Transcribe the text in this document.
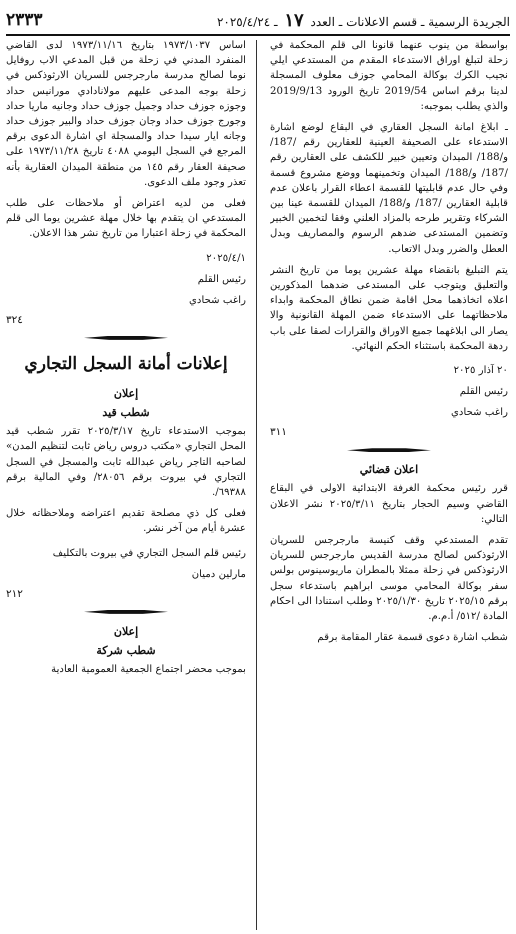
الجريدة الرسمية ـ قسم الاعلانات ـ العدد ١٧ ـ ٢٠٢٥/٤/٢٤
٢٣٣٣

بواسطة من ينوب عنهما قانونا الى قلم المحكمة في زحلة لتبلغ اوراق الاستدعاء المقدم من المستدعي ايلي نجيب الكرك بوكالة المحامي جوزف معلوف المسجلة لدينا برقم اساس 2019/54 تاريخ الورود 2019/9/13 والذي يطلب بموجبه:

ـ ابلاغ امانة السجل العقاري في البقاع لوضع اشارة الاستدعاء على الصحيفة العينية للعقارين رقم /187/ و/188/ الميدان وتعيين خبير للكشف على العقارين رقم /187/ و/188/ الميدان وتخمينهما ووضع مشروع قسمة وفي حال عدم قابليتها للقسمة اعطاء القرار باعلان عدم قابلية العقارين /187/ و/188/ الميدان للقسمة عينا بين الشركاء وتقرير طرحه بالمزاد العلني وفقا لتخمين الخبير وتضمين المستدعى ضدهم الرسوم والمصاريف وبدل العطل والضرر وبدل الاتعاب.

يتم التبليغ بانقضاء مهلة عشرين يوما من تاريخ النشر والتعليق ويتوجب على المستدعى ضدهما المذكورين اعلاه اتخاذهما محل اقامة ضمن نطاق المحكمة وابداء ملاحظاتهما على الاستدعاء ضمن المهلة القانونية والا يصار الى ابلاغهما جميع الاوراق والقرارات لصقا على باب ردهة المحكمة باستثناء الحكم النهائي.

٢٠ آذار ٢٠٢٥
رئيس القلم
راغب شحادي
٣١١
اعلان قضائي

قرر رئيس محكمة الغرفة الابتدائية الاولى في البقاع القاضي وسيم الحجار بتاريخ ٢٠٢٥/٣/١١ نشر الاعلان التالي:

تقدم المستدعي وقف كنيسة مارجرجس للسريان الارثوذكس لصالح مدرسة القديس مارجرجس للسريان الارثوذكس في زحلة ممثلا بالمطران ماريوسينوس بولس سفر بوكالة المحامي موسى ابراهيم باستدعاء سجل برقم ٢٠٢٥/١٥ تاريخ ٢٠٢٥/١/٣٠ وطلب استنادا الى احكام المادة /٥١٢/ أ.م.م.

شطب اشارة دعوى قسمة عقار المقامة برقم

اساس ١٩٧٣/١٠٣٧ بتاريخ ١٩٧٣/١١/١٦ لدى القاضي المنفرد المدني في زحلة من قبل المدعي الاب روفايل نوما لصالح مدرسة مارجرجس للسريان الارثوذكس في زحلة بوجه المدعى عليهم مولانادادي مورانيس حداد وجوزه جوزف حداد وجميل جوزف حداد وجانيه ماريا حداد وجورج جوزف حداد وجان جوزف حداد والبير جوزف حداد وجانه ايار سيدا حداد والمسجلة اي اشارة الدعوى برقم المرجع في السجل اليومي ٤٠٨٨ تاريخ ١٩٧٣/١١/٢٨ على صحيفة العقار رقم ١٤٥ من منطقة الميدان العقارية بأنه تعذر وجود ملف الدعوى.

فعلى من لديه اعتراض أو ملاحظات على طلب المستدعي ان يتقدم بها خلال مهلة عشرين يوما الى قلم المحكمة في زحلة اعتبارا من تاريخ نشر هذا الاعلان.

٢٠٢٥/٤/١
رئيس القلم
راغب شحادي
٣٢٤
إعلانات أمانة السجل التجاري
إعلان
شطب قيد

بموجب الاستدعاء تاريخ ٢٠٢٥/٣/١٧ تقرر شطب قيد المحل التجاري «مكتب دروس رياض ثابت لتنظيم المدن» لصاحبه التاجر رياض عبدالله ثابت والمسجل في السجل التجاري في بيروت برقم ٢٨٠٥٦/ وفي المالية برقم ٦٩٣٨٨/.

فعلى كل ذي مصلحة تقديم اعتراضه وملاحظاته خلال عشرة أيام من آخر نشر.

رئيس قلم السجل التجاري في بيروت بالتكليف
مارلين دميان
٢١٢
إعلان
شطب شركة

بموجب محضر اجتماع الجمعية العمومية العادية
